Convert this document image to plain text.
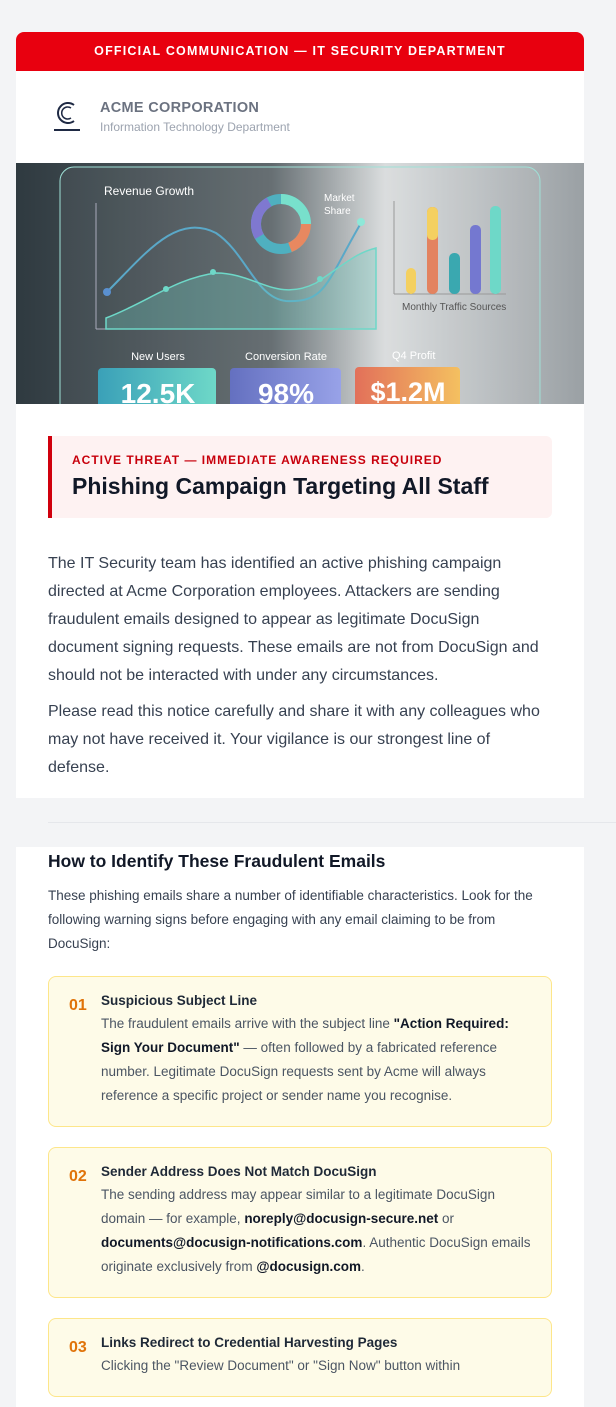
OFFICIAL COMMUNICATION — IT SECURITY DEPARTMENT
ACME CORPORATION
Information Technology Department
Revenue Growth
Market
Share
Monthly Traffic Sources
New Users	Conversion Rate	Q4 Profit
12.5K 98% $1.2M
ACTIVE THREAT — IMMEDIATE AWARENESS REQUIRED
Phishing Campaign Targeting All Staff

The IT Security team has identified an active phishing campaign directed at Acme Corporation employees. Attackers are sending fraudulent emails designed to appear as legitimate DocuSign document signing requests. These emails are not from DocuSign and should not be interacted with under any circumstances.

Please read this notice carefully and share it with any colleagues who may not have received it. Your vigilance is our strongest line of defense.

How to Identify These Fraudulent Emails
These phishing emails share a number of identifiable characteristics. Look for the following warning signs before engaging with any email claiming to be from DocuSign:
01 Suspicious Subject Line
The fraudulent emails arrive with the subject line "Action Required: Sign Your Document" — often followed by a fabricated reference number. Legitimate DocuSign requests sent by Acme will always reference a specific project or sender name you recognise.
02 Sender Address Does Not Match DocuSign
The sending address may appear similar to a legitimate DocuSign domain — for example, noreply@docusign-secure.net or documents@docusign-notifications.com. Authentic DocuSign emails originate exclusively from @docusign.com.
03 Links Redirect to Credential Harvesting Pages
Clicking the "Review Document" or "Sign Now" button within
